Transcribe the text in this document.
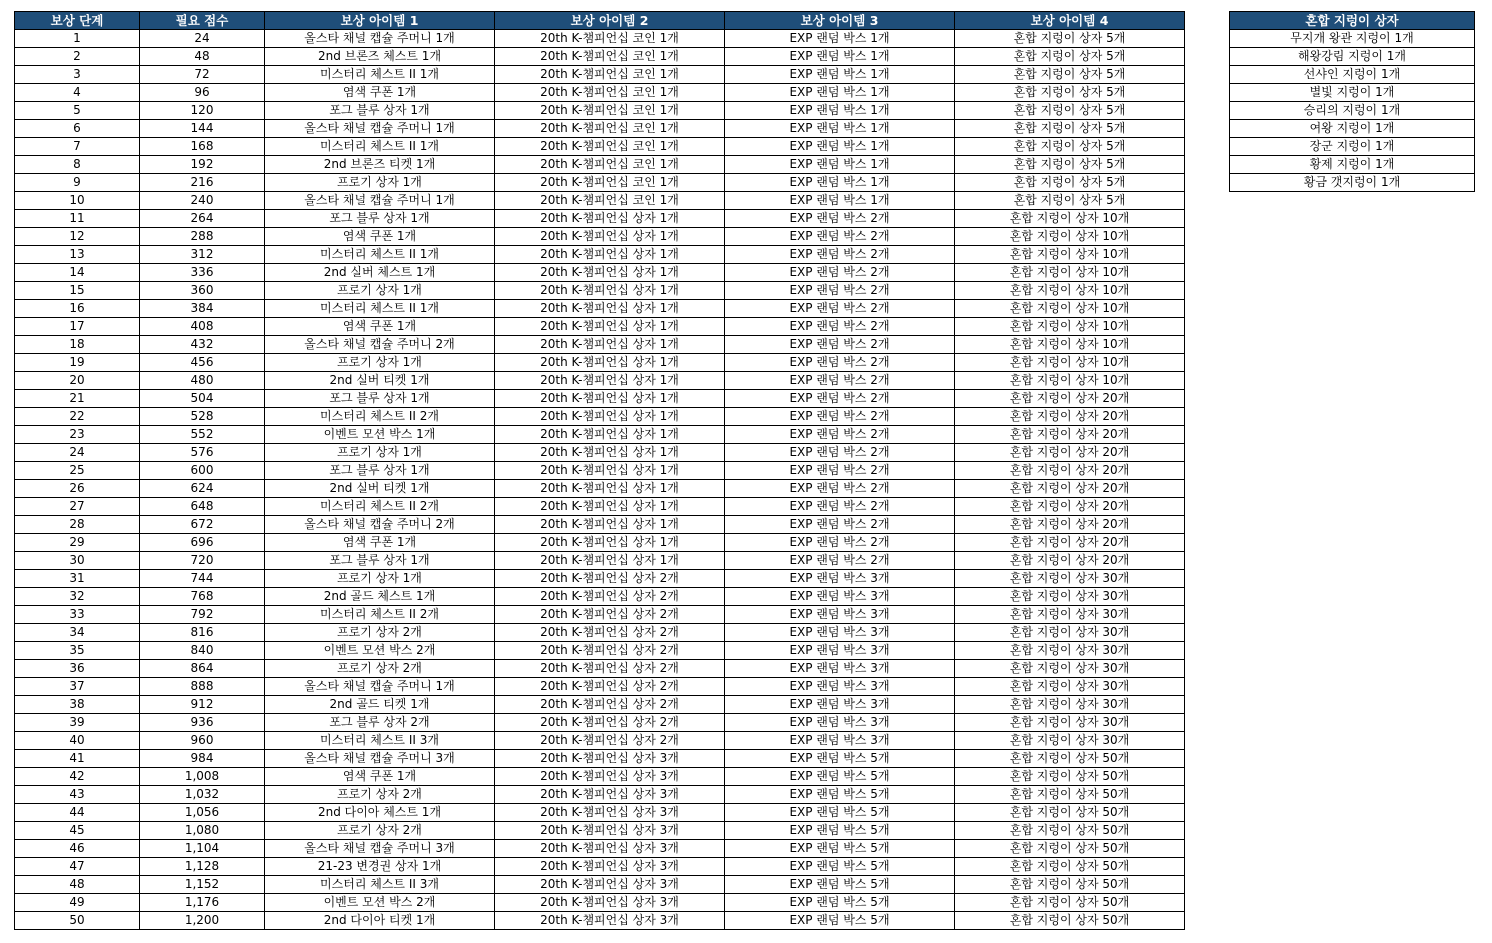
보상 단계	필요 점수	보상 아이템 1	보상 아이템 2	보상 아이템 3	보상 아이템 4
1	24	올스타 채널 캡슐 주머니 1개	20th K-챔피언십 코인 1개	EXP 랜덤 박스 1개	혼합 지렁이 상자 5개
2	48	2nd 브론즈 체스트 1개	20th K-챔피언십 코인 1개	EXP 랜덤 박스 1개	혼합 지렁이 상자 5개
3	72	미스터리 체스트 II 1개	20th K-챔피언십 코인 1개	EXP 랜덤 박스 1개	혼합 지렁이 상자 5개
4	96	염색 쿠폰 1개	20th K-챔피언십 코인 1개	EXP 랜덤 박스 1개	혼합 지렁이 상자 5개
5	120	포그 블루 상자 1개	20th K-챔피언십 코인 1개	EXP 랜덤 박스 1개	혼합 지렁이 상자 5개
6	144	올스타 채널 캡슐 주머니 1개	20th K-챔피언십 코인 1개	EXP 랜덤 박스 1개	혼합 지렁이 상자 5개
7	168	미스터리 체스트 II 1개	20th K-챔피언십 코인 1개	EXP 랜덤 박스 1개	혼합 지렁이 상자 5개
8	192	2nd 브론즈 티켓 1개	20th K-챔피언십 코인 1개	EXP 랜덤 박스 1개	혼합 지렁이 상자 5개
9	216	프로기 상자 1개	20th K-챔피언십 코인 1개	EXP 랜덤 박스 1개	혼합 지렁이 상자 5개
10	240	올스타 채널 캡슐 주머니 1개	20th K-챔피언십 코인 1개	EXP 랜덤 박스 1개	혼합 지렁이 상자 5개
11	264	포그 블루 상자 1개	20th K-챔피언십 상자 1개	EXP 랜덤 박스 2개	혼합 지렁이 상자 10개
12	288	염색 쿠폰 1개	20th K-챔피언십 상자 1개	EXP 랜덤 박스 2개	혼합 지렁이 상자 10개
13	312	미스터리 체스트 II 1개	20th K-챔피언십 상자 1개	EXP 랜덤 박스 2개	혼합 지렁이 상자 10개
14	336	2nd 실버 체스트 1개	20th K-챔피언십 상자 1개	EXP 랜덤 박스 2개	혼합 지렁이 상자 10개
15	360	프로기 상자 1개	20th K-챔피언십 상자 1개	EXP 랜덤 박스 2개	혼합 지렁이 상자 10개
16	384	미스터리 체스트 II 1개	20th K-챔피언십 상자 1개	EXP 랜덤 박스 2개	혼합 지렁이 상자 10개
17	408	염색 쿠폰 1개	20th K-챔피언십 상자 1개	EXP 랜덤 박스 2개	혼합 지렁이 상자 10개
18	432	올스타 채널 캡슐 주머니 2개	20th K-챔피언십 상자 1개	EXP 랜덤 박스 2개	혼합 지렁이 상자 10개
19	456	프로기 상자 1개	20th K-챔피언십 상자 1개	EXP 랜덤 박스 2개	혼합 지렁이 상자 10개
20	480	2nd 실버 티켓 1개	20th K-챔피언십 상자 1개	EXP 랜덤 박스 2개	혼합 지렁이 상자 10개
21	504	포그 블루 상자 1개	20th K-챔피언십 상자 1개	EXP 랜덤 박스 2개	혼합 지렁이 상자 20개
22	528	미스터리 체스트 II 2개	20th K-챔피언십 상자 1개	EXP 랜덤 박스 2개	혼합 지렁이 상자 20개
23	552	이벤트 모션 박스 1개	20th K-챔피언십 상자 1개	EXP 랜덤 박스 2개	혼합 지렁이 상자 20개
24	576	프로기 상자 1개	20th K-챔피언십 상자 1개	EXP 랜덤 박스 2개	혼합 지렁이 상자 20개
25	600	포그 블루 상자 1개	20th K-챔피언십 상자 1개	EXP 랜덤 박스 2개	혼합 지렁이 상자 20개
26	624	2nd 실버 티켓 1개	20th K-챔피언십 상자 1개	EXP 랜덤 박스 2개	혼합 지렁이 상자 20개
27	648	미스터리 체스트 II 2개	20th K-챔피언십 상자 1개	EXP 랜덤 박스 2개	혼합 지렁이 상자 20개
28	672	올스타 채널 캡슐 주머니 2개	20th K-챔피언십 상자 1개	EXP 랜덤 박스 2개	혼합 지렁이 상자 20개
29	696	염색 쿠폰 1개	20th K-챔피언십 상자 1개	EXP 랜덤 박스 2개	혼합 지렁이 상자 20개
30	720	포그 블루 상자 1개	20th K-챔피언십 상자 1개	EXP 랜덤 박스 2개	혼합 지렁이 상자 20개
31	744	프로기 상자 1개	20th K-챔피언십 상자 2개	EXP 랜덤 박스 3개	혼합 지렁이 상자 30개
32	768	2nd 골드 체스트 1개	20th K-챔피언십 상자 2개	EXP 랜덤 박스 3개	혼합 지렁이 상자 30개
33	792	미스터리 체스트 II 2개	20th K-챔피언십 상자 2개	EXP 랜덤 박스 3개	혼합 지렁이 상자 30개
34	816	프로기 상자 2개	20th K-챔피언십 상자 2개	EXP 랜덤 박스 3개	혼합 지렁이 상자 30개
35	840	이벤트 모션 박스 2개	20th K-챔피언십 상자 2개	EXP 랜덤 박스 3개	혼합 지렁이 상자 30개
36	864	프로기 상자 2개	20th K-챔피언십 상자 2개	EXP 랜덤 박스 3개	혼합 지렁이 상자 30개
37	888	올스타 채널 캡슐 주머니 1개	20th K-챔피언십 상자 2개	EXP 랜덤 박스 3개	혼합 지렁이 상자 30개
38	912	2nd 골드 티켓 1개	20th K-챔피언십 상자 2개	EXP 랜덤 박스 3개	혼합 지렁이 상자 30개
39	936	포그 블루 상자 2개	20th K-챔피언십 상자 2개	EXP 랜덤 박스 3개	혼합 지렁이 상자 30개
40	960	미스터리 체스트 II 3개	20th K-챔피언십 상자 2개	EXP 랜덤 박스 3개	혼합 지렁이 상자 30개
41	984	올스타 채널 캡슐 주머니 3개	20th K-챔피언십 상자 3개	EXP 랜덤 박스 5개	혼합 지렁이 상자 50개
42	1,008	염색 쿠폰 1개	20th K-챔피언십 상자 3개	EXP 랜덤 박스 5개	혼합 지렁이 상자 50개
43	1,032	프로기 상자 2개	20th K-챔피언십 상자 3개	EXP 랜덤 박스 5개	혼합 지렁이 상자 50개
44	1,056	2nd 다이아 체스트 1개	20th K-챔피언십 상자 3개	EXP 랜덤 박스 5개	혼합 지렁이 상자 50개
45	1,080	프로기 상자 2개	20th K-챔피언십 상자 3개	EXP 랜덤 박스 5개	혼합 지렁이 상자 50개
46	1,104	올스타 채널 캡슐 주머니 3개	20th K-챔피언십 상자 3개	EXP 랜덤 박스 5개	혼합 지렁이 상자 50개
47	1,128	21-23 변경권 상자 1개	20th K-챔피언십 상자 3개	EXP 랜덤 박스 5개	혼합 지렁이 상자 50개
48	1,152	미스터리 체스트 II 3개	20th K-챔피언십 상자 3개	EXP 랜덤 박스 5개	혼합 지렁이 상자 50개
49	1,176	이벤트 모션 박스 2개	20th K-챔피언십 상자 3개	EXP 랜덤 박스 5개	혼합 지렁이 상자 50개
50	1,200	2nd 다이아 티켓 1개	20th K-챔피언십 상자 3개	EXP 랜덤 박스 5개	혼합 지렁이 상자 50개
혼합 지렁이 상자
무지개 왕관 지렁이 1개
해왕강림 지렁이 1개
선샤인 지렁이 1개
별빛 지렁이 1개
승리의 지렁이 1개
여왕 지렁이 1개
장군 지렁이 1개
황제 지렁이 1개
황금 갯지렁이 1개
